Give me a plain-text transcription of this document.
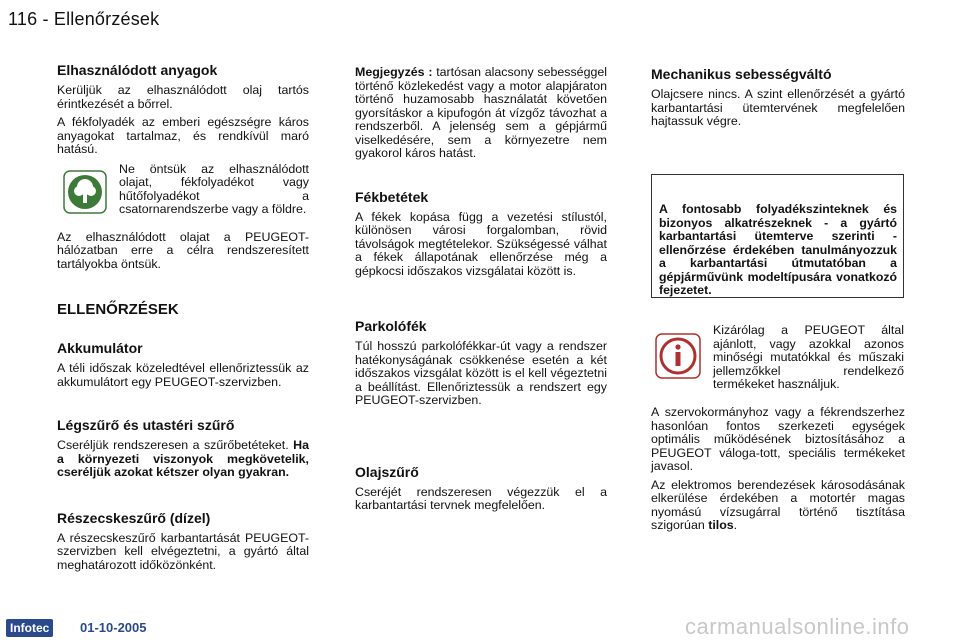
116 - Ellenőrzések
Elhasználódott anyagok

Kerüljük az elhasználódott olaj tartós érintkezését a bőrrel.

A fékfolyadék az emberi egészségre káros anyagokat tartalmaz, és rendkívül maró hatású.

Ne öntsük az elhasználódott olajat, fékfolyadékot vagy hűtőfolyadékot a csatornarendszerbe vagy a földre.

Az elhasználódott olajat a PEUGEOT-hálózatban erre a célra rendszeresített tartályokba öntsük.

ELLENŐRZÉSEK
Akkumulátor

A téli időszak közeledtével ellenőriztessük az akkumulátort egy PEUGEOT-szervizben.

Légszűrő és utastéri szűrő

Cseréljük rendszeresen a szűrőbetéteket. Ha a környezeti viszonyok megkövetelik, cseréljük azokat kétszer olyan gyakran.

Részecskeszűrő (dízel)

A részecskeszűrő karbantartását PEUGEOT-szervizben kell elvégeztetni, a gyártó által meghatározott időközönként.

Megjegyzés : tartósan alacsony sebességgel történő közlekedést vagy a motor alapjáraton történő huzamosabb használatát követően gyorsításkor a kipufogón át vízgőz távozhat a rendszerből. A jelenség sem a gépjármű viselkedésére, sem a környezetre nem gyakorol káros hatást.

Fékbetétek

A fékek kopása függ a vezetési stílustól, különösen városi forgalomban, rövid távolságok megtételekor. Szükségessé válhat a fékek állapotának ellenőrzése még a gépkocsi időszakos vizsgálatai között is.

Parkolófék

Túl hosszú parkolófékkar-út vagy a rendszer hatékonyságának csökkenése esetén a két időszakos vizsgálat között is el kell végeztetni a beállítást. Ellenőriztessük a rendszert egy PEUGEOT-szervizben.

Olajszűrő

Cseréjét rendszeresen végezzük el a karbantartási tervnek megfelelően.

Mechanikus sebességváltó

Olajcsere nincs. A szint ellenőrzését a gyártó karbantartási ütemtervének megfelelően hajtassuk végre.

A fontosabb folyadékszinteknek és bizonyos alkatrészeknek - a gyártó karbantartási ütemterve szerinti - ellenőrzése érdekében tanulmányozzuk a karbantartási útmutatóban a gépjárművünk modeltípusára vonatkozó fejezetet.

Kizárólag a PEUGEOT által ajánlott, vagy azokkal azonos minőségi mutatókkal és műszaki jellemzőkkel rendelkező termékeket használjuk.

A szervokormányhoz vagy a fékrendszerhez hasonlóan fontos szerkezeti egységek optimális működésének biztosításához a PEUGEOT váloga-tott, speciális termékeket javasol.

Az elektromos berendezések károsodásának elkerülése érdekében a motortér magas nyomású vízsugárral történő tisztítása szigorúan tilos.

Infotec	01-10-2005	carmanualsonline.info
